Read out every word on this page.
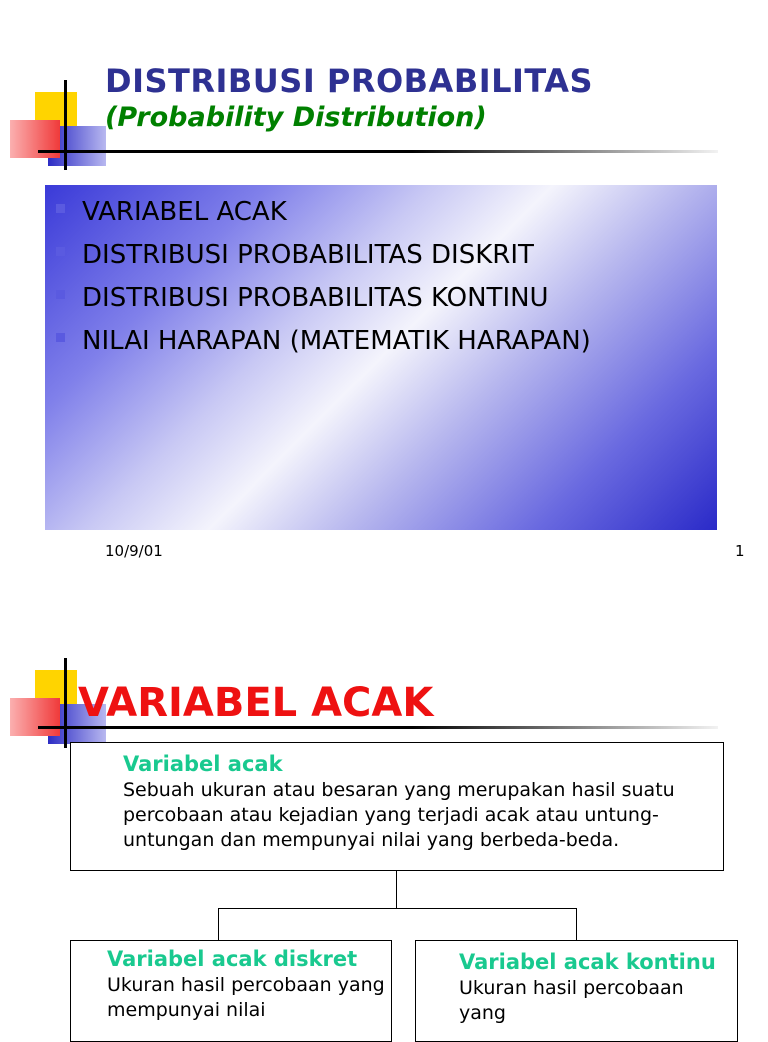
DISTRIBUSI PROBABILITAS
(Probability Distribution)
VARIABEL ACAK
DISTRIBUSI PROBABILITAS DISKRIT
DISTRIBUSI PROBABILITAS KONTINU
NILAI HARAPAN (MATEMATIK HARAPAN)
10/9/01	1
VARIABEL ACAK
Variabel acak
Sebuah ukuran atau besaran yang merupakan hasil suatu percobaan atau kejadian yang terjadi acak atau untung-untungan dan mempunyai nilai yang berbeda-beda.
Variabel acak diskret
Ukuran hasil percobaan yang mempunyai nilai
Variabel acak kontinu Ukuran hasil percobaan yang
